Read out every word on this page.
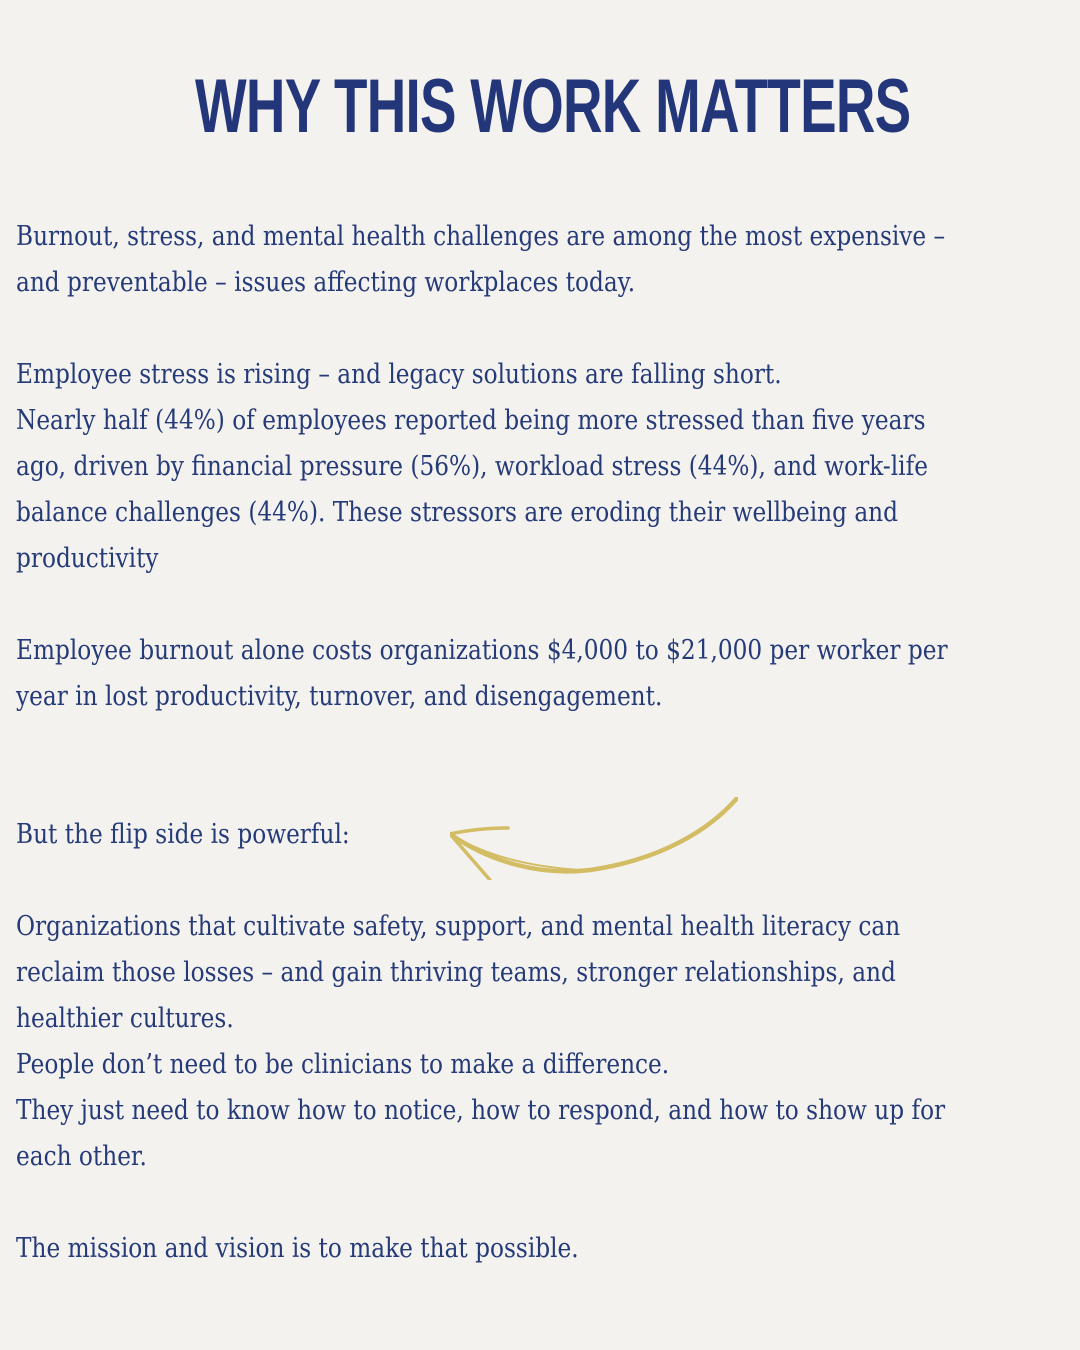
WHY THIS WORK MATTERS

Burnout, stress, and mental health challenges are among the most expensive –
and preventable – issues affecting workplaces today.

Employee stress is rising – and legacy solutions are falling short.
Nearly half (44%) of employees reported being more stressed than five years
ago, driven by financial pressure (56%), workload stress (44%), and work-life
balance challenges (44%). These stressors are eroding their wellbeing and
productivity

Employee burnout alone costs organizations $4,000 to $21,000 per worker per
year in lost productivity, turnover, and disengagement.

But the flip side is powerful:

Organizations that cultivate safety, support, and mental health literacy can
reclaim those losses – and gain thriving teams, stronger relationships, and
healthier cultures.
People don’t need to be clinicians to make a difference.
They just need to know how to notice, how to respond, and how to show up for
each other.

The mission and vision is to make that possible.
